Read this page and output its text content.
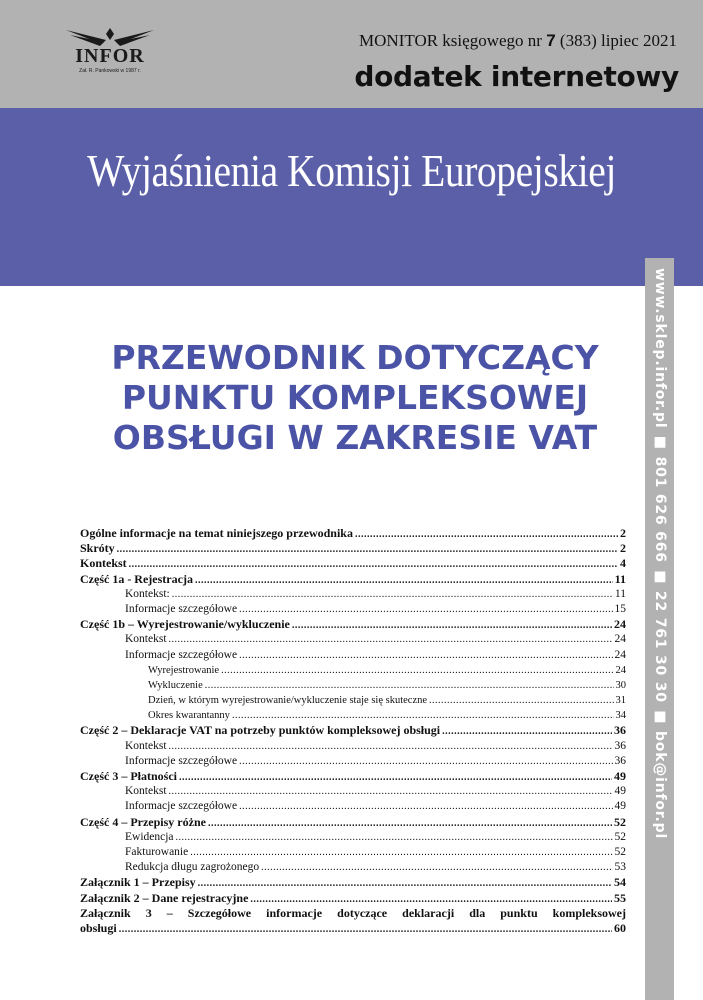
INFOR
Zał. R. Pankowski w 1987 r.
MONITOR księgowego nr 7 (383) lipiec 2021
dodatek internetowy
Wyjaśnienia Komisji Europejskiej
www.sklep.infor.pl ■ 801 626 666 ■ 22 761 30 30 ■ bok@infor.pl
PRZEWODNIK DOTYCZĄCY
PUNKTU KOMPLEKSOWEJ
OBSŁUGI W ZAKRESIE VAT
Ogólne informacje na temat niniejszego przewodnika .....	2
Skróty .....	2
Kontekst .....	4
Część 1a - Rejestracja .....	11
Kontekst: .....	11
Informacje szczegółowe .....	15
Część 1b – Wyrejestrowanie/wykluczenie .....	24
Kontekst .....	24
Informacje szczegółowe .....	24
Wyrejestrowanie .....	24
Wykluczenie .....	30
Dzień, w którym wyrejestrowanie/wykluczenie staje się skuteczne .....	31
Okres kwarantanny .....	34
Część 2 – Deklaracje VAT na potrzeby punktów kompleksowej obsługi .....	36
Kontekst .....	36
Informacje szczegółowe .....	36
Część 3 – Płatności .....	49
Kontekst .....	49
Informacje szczegółowe .....	49
Część 4 – Przepisy różne .....	52
Ewidencja .....	52
Fakturowanie .....	52
Redukcja długu zagrożonego .....	53
Załącznik 1 – Przepisy .....	54
Załącznik 2 – Dane rejestracyjne .....	55
Załącznik 3 – Szczegółowe informacje dotyczące deklaracji dla punktu kompleksowej
obsługi .....	60
